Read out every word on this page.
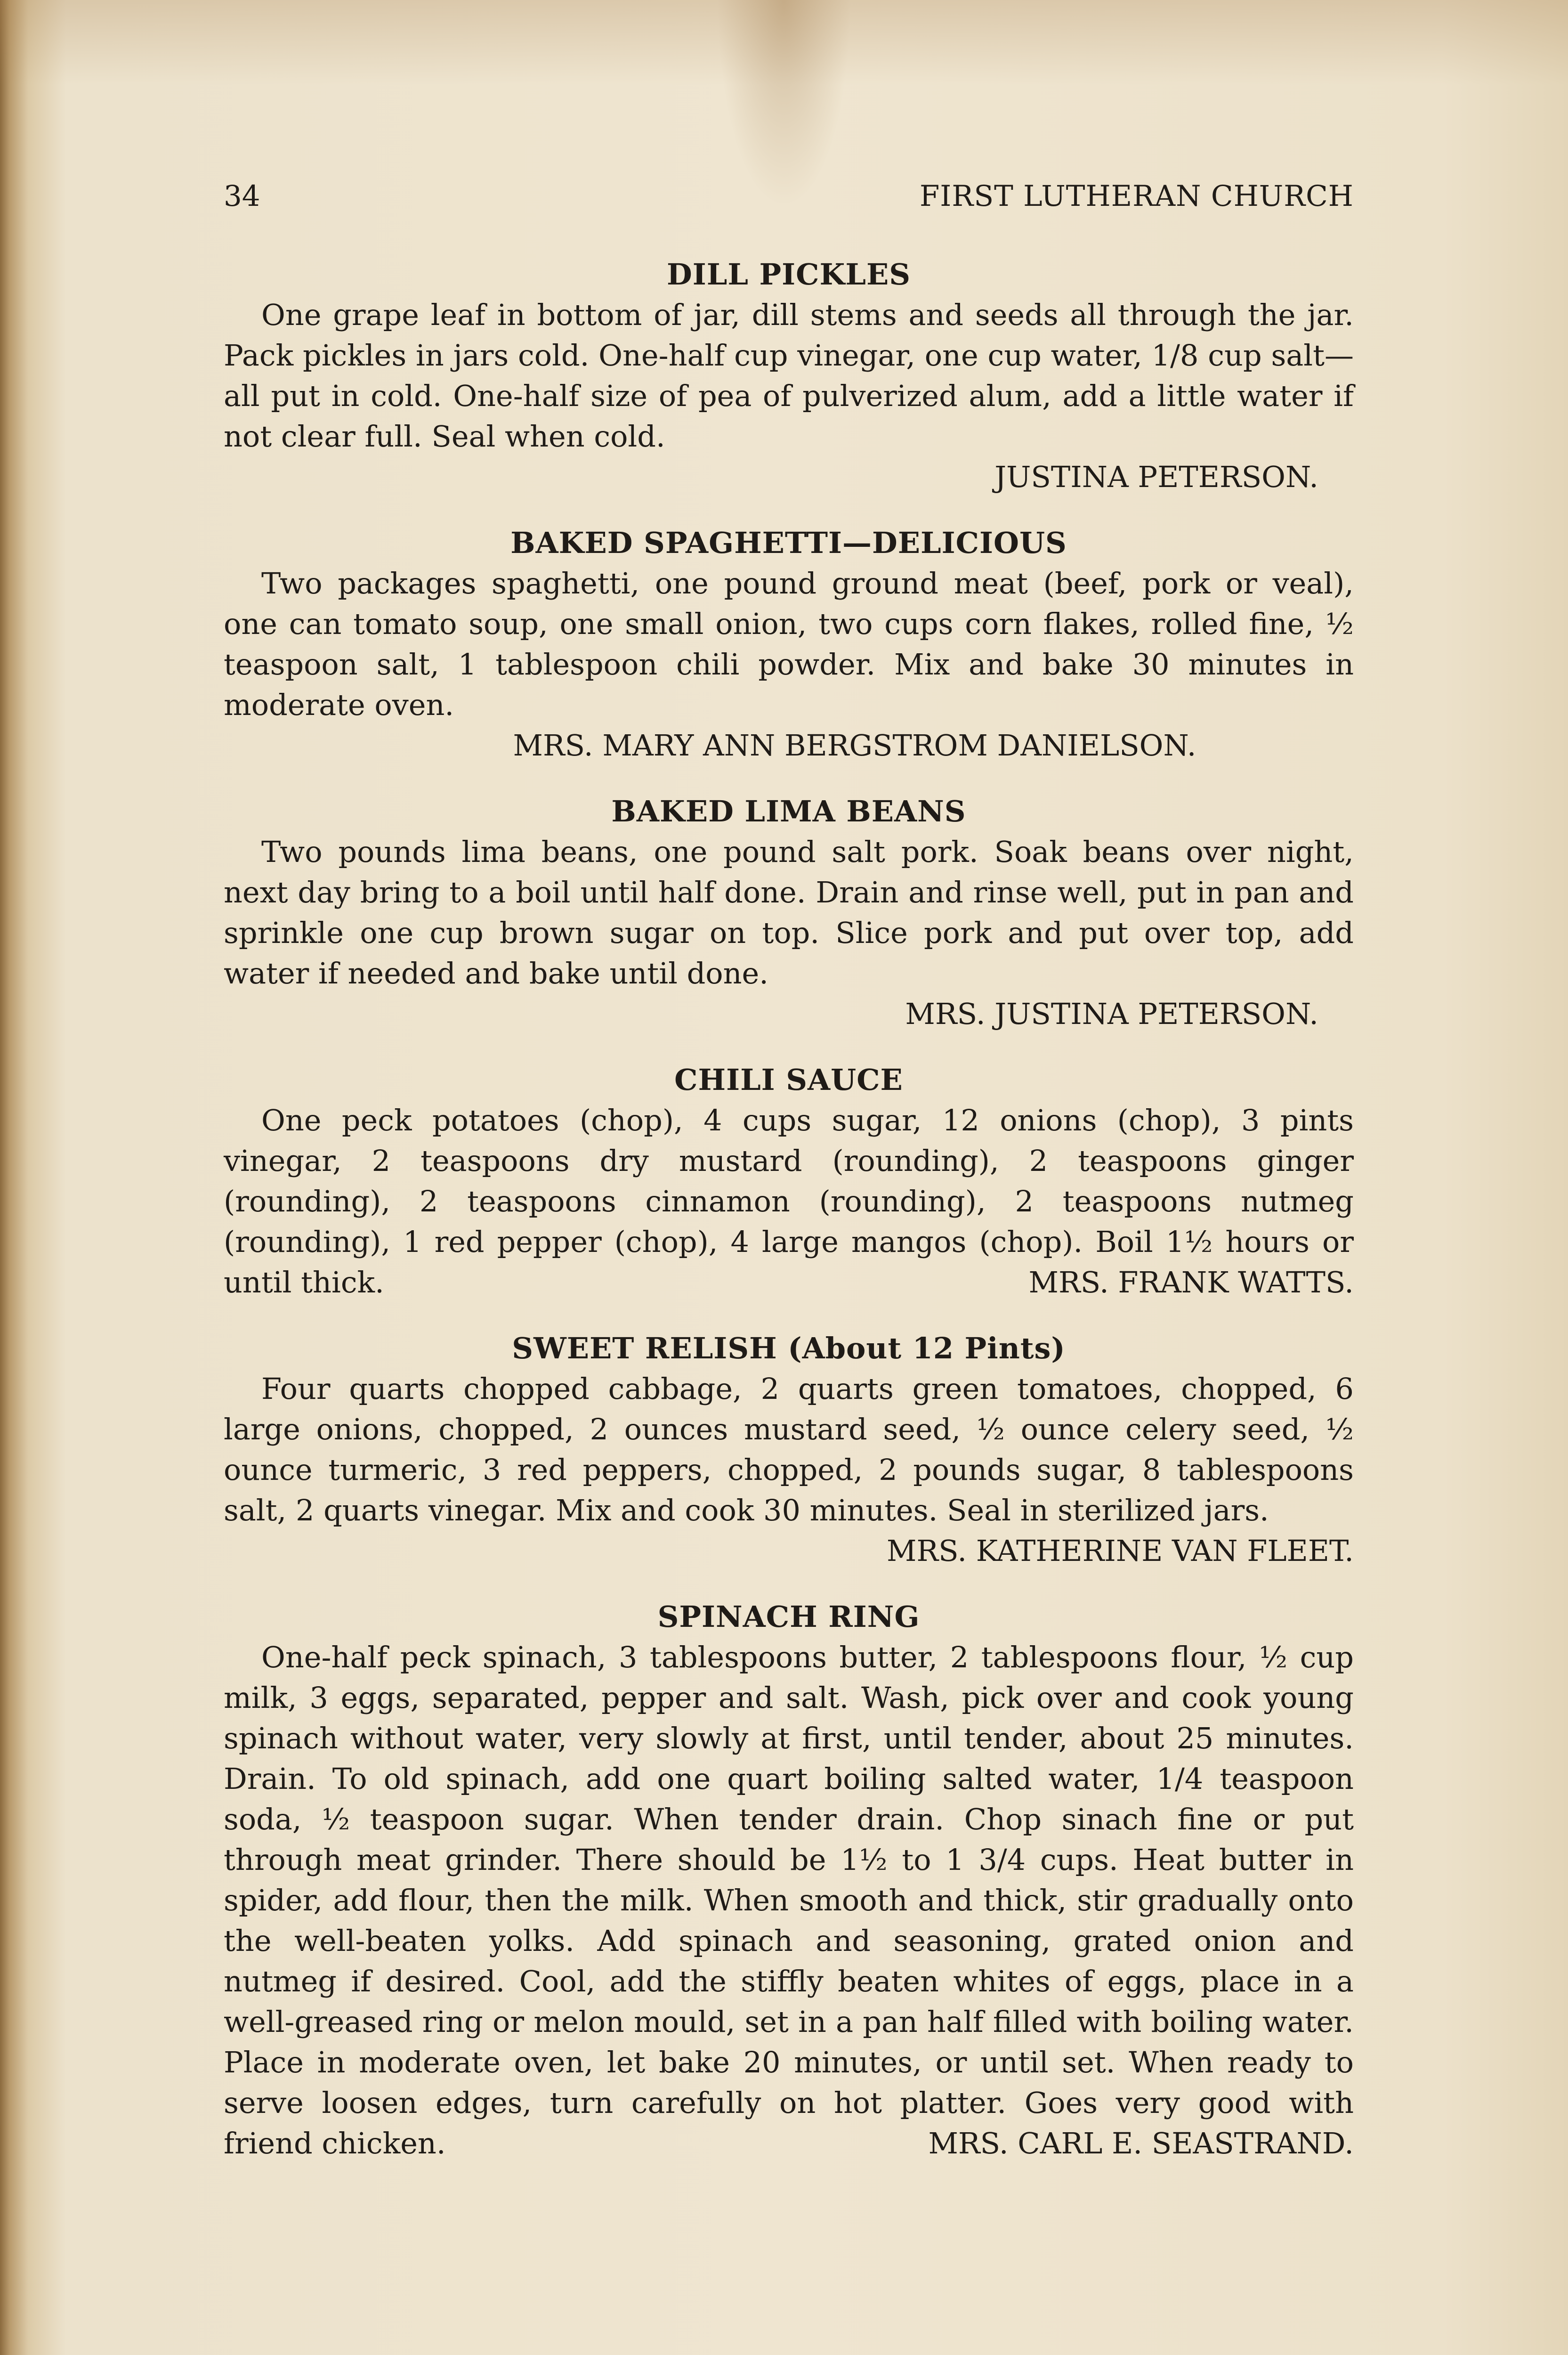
34	FIRST LUTHERAN CHURCH
DILL PICKLES
One grape leaf in bottom of jar, dill stems and seeds all through the jar. Pack pickles in jars cold. One-half cup vinegar, one cup water, 1/8 cup salt—all put in cold. One-half size of pea of pulverized alum, add a little water if not clear full. Seal when cold.
JUSTINA PETERSON.
BAKED SPAGHETTI—DELICIOUS
Two packages spaghetti, one pound ground meat (beef, pork or veal), one can tomato soup, one small onion, two cups corn flakes, rolled fine, ½ teaspoon salt, 1 tablespoon chili powder. Mix and bake 30 minutes in moderate oven.
MRS. MARY ANN BERGSTROM DANIELSON.
BAKED LIMA BEANS
Two pounds lima beans, one pound salt pork. Soak beans over night, next day bring to a boil until half done. Drain and rinse well, put in pan and sprinkle one cup brown sugar on top. Slice pork and put over top, add water if needed and bake until done.
MRS. JUSTINA PETERSON.
CHILI SAUCE
One peck potatoes (chop), 4 cups sugar, 12 onions (chop), 3 pints vinegar, 2 teaspoons dry mustard (rounding), 2 teaspoons ginger (rounding), 2 teaspoons cinnamon (rounding), 2 teaspoons nutmeg (rounding), 1 red pepper (chop), 4 large mangos (chop). Boil 1½ hours or until thick.	MRS. FRANK WATTS.
SWEET RELISH (About 12 Pints)
Four quarts chopped cabbage, 2 quarts green tomatoes, chopped, 6 large onions, chopped, 2 ounces mustard seed, ½ ounce celery seed, ½ ounce turmeric, 3 red peppers, chopped, 2 pounds sugar, 8 tablespoons salt, 2 quarts vinegar. Mix and cook 30 minutes. Seal in sterilized jars.
MRS. KATHERINE VAN FLEET.
SPINACH RING
One-half peck spinach, 3 tablespoons butter, 2 tablespoons flour, ½ cup milk, 3 eggs, separated, pepper and salt. Wash, pick over and cook young spinach without water, very slowly at first, until tender, about 25 minutes. Drain. To old spinach, add one quart boiling salted water, 1/4 teaspoon soda, ½ teaspoon sugar. When tender drain. Chop sinach fine or put through meat grinder. There should be 1½ to 1 3/4 cups. Heat butter in spider, add flour, then the milk. When smooth and thick, stir gradually onto the well-beaten yolks. Add spinach and seasoning, grated onion and nutmeg if desired. Cool, add the stiffly beaten whites of eggs, place in a well-greased ring or melon mould, set in a pan half filled with boiling water. Place in moderate oven, let bake 20 minutes, or until set. When ready to serve loosen edges, turn carefully on hot platter. Goes very good with friend chicken.	MRS. CARL E. SEASTRAND.
